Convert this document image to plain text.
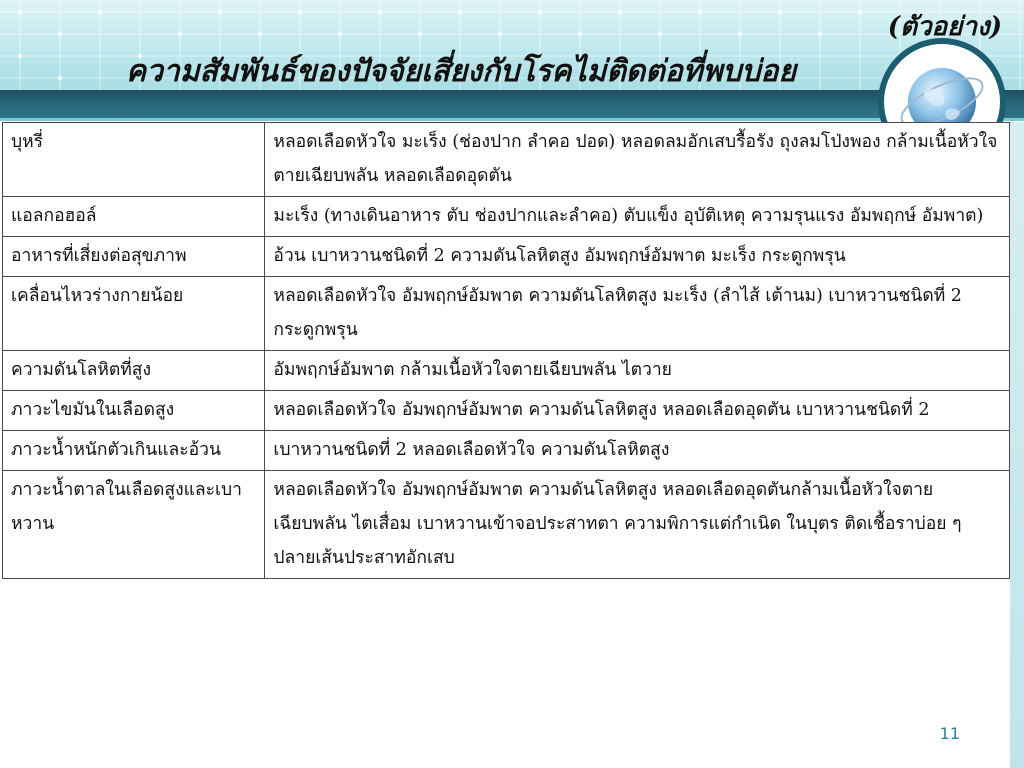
(ตัวอย่าง)
ความสัมพันธ์ของปัจจัยเสี่ยงกับโรคไม่ติดต่อที่พบบ่อย
บุหรี่	หลอดเลือดหัวใจ มะเร็ง (ช่องปาก ลำคอ ปอด) หลอดลมอักเสบรื้อรัง ถุงลมโป่งพอง กล้ามเนื้อหัวใจตายเฉียบพลัน หลอดเลือดอุดตัน
แอลกอฮอล์	มะเร็ง (ทางเดินอาหาร ตับ ช่องปากและลำคอ) ตับแข็ง อุบัติเหตุ ความรุนแรง อัมพฤกษ์ อัมพาต)
อาหารที่เสี่ยงต่อสุขภาพ	อ้วน เบาหวานชนิดที่ 2 ความดันโลหิตสูง อัมพฤกษ์อัมพาต มะเร็ง กระดูกพรุน
เคลื่อนไหวร่างกายน้อย	หลอดเลือดหัวใจ อัมพฤกษ์อัมพาต ความดันโลหิตสูง มะเร็ง (ลำไส้ เต้านม) เบาหวานชนิดที่ 2 กระดูกพรุน
ความดันโลหิตที่สูง	อัมพฤกษ์อัมพาต กล้ามเนื้อหัวใจตายเฉียบพลัน ไตวาย
ภาวะไขมันในเลือดสูง	หลอดเลือดหัวใจ อัมพฤกษ์อัมพาต ความดันโลหิตสูง หลอดเลือดอุดตัน เบาหวานชนิดที่ 2
ภาวะน้ำหนักตัวเกินและอ้วน	เบาหวานชนิดที่ 2 หลอดเลือดหัวใจ ความดันโลหิตสูง
ภาวะน้ำตาลในเลือดสูงและเบาหวาน	หลอดเลือดหัวใจ อัมพฤกษ์อัมพาต ความดันโลหิตสูง หลอดเลือดอุดตันกล้ามเนื้อหัวใจตายเฉียบพลัน ไตเสื่อม เบาหวานเข้าจอประสาทตา ความพิการแต่กำเนิด ในบุตร ติดเชื้อราบ่อย ๆ ปลายเส้นประสาทอักเสบ
11
